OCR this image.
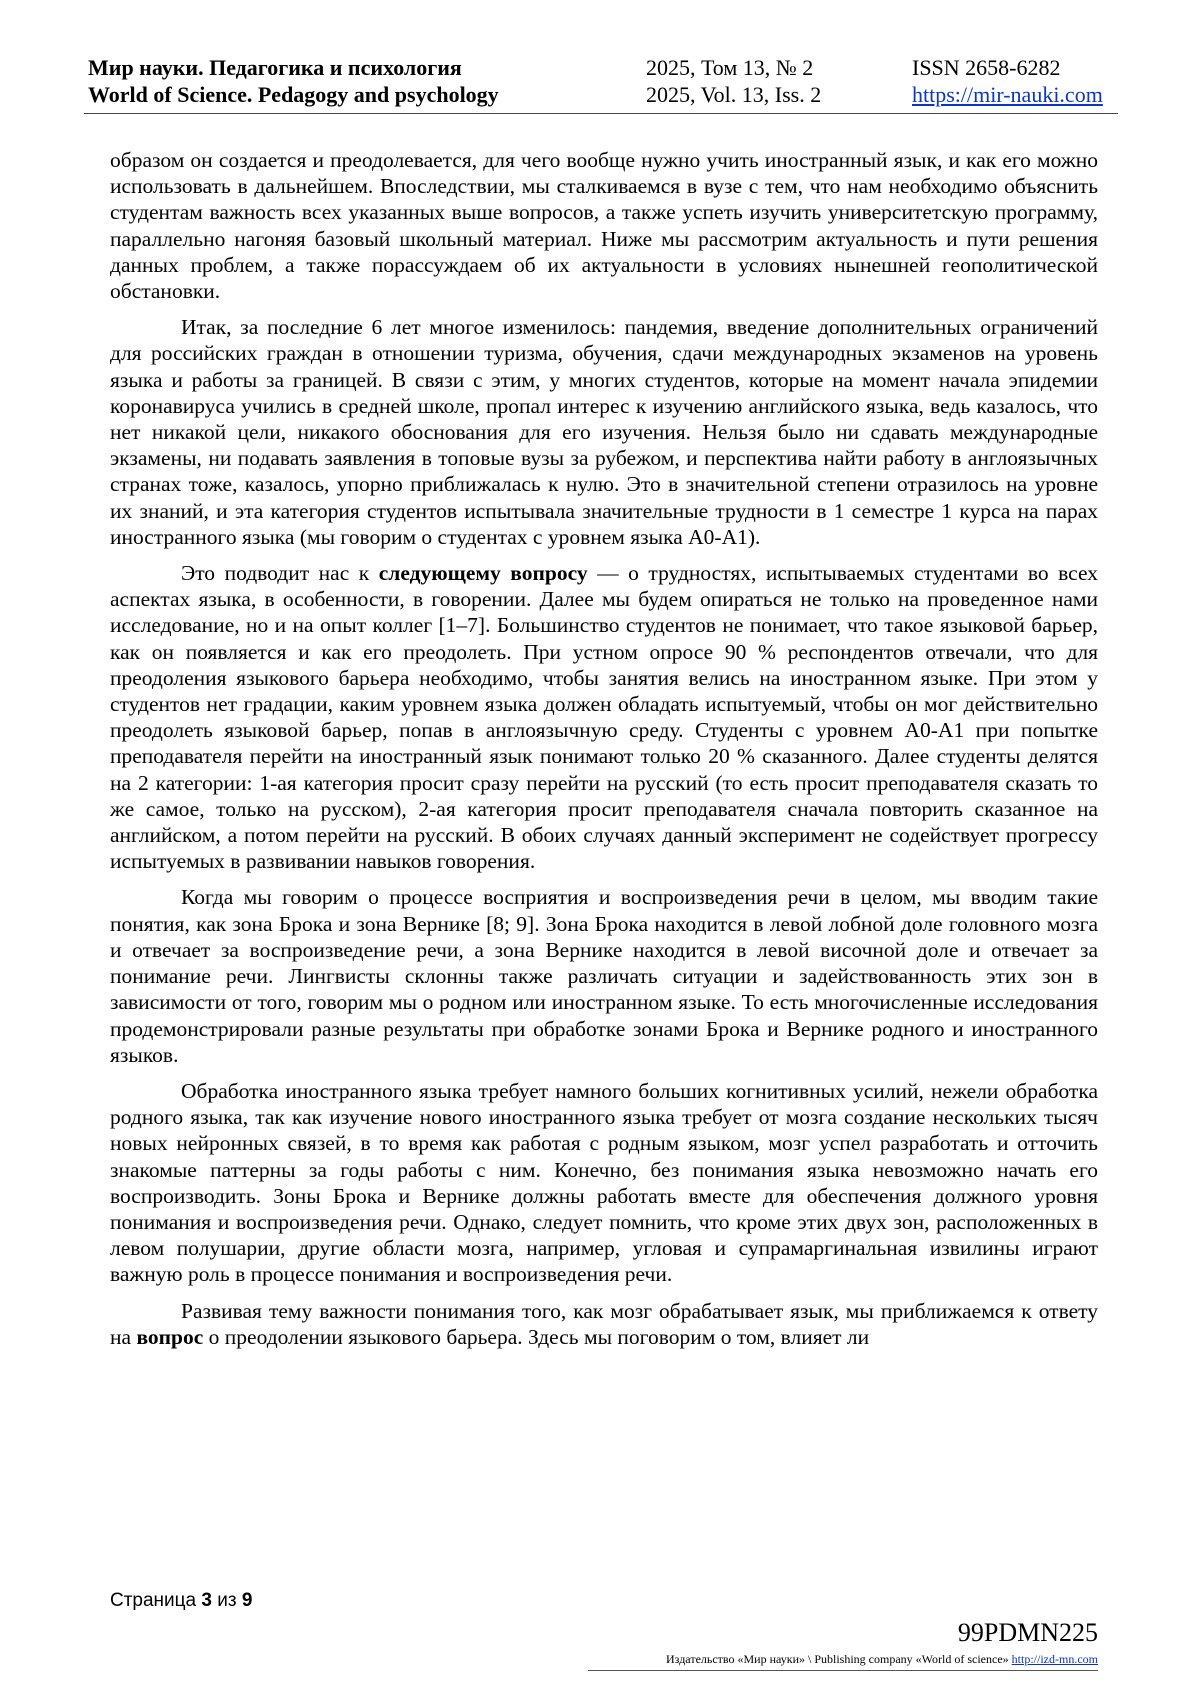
Мир науки. Педагогика и психология
World of Science. Pedagogy and psychology
2025, Том 13, № 2
2025, Vol. 13, Iss. 2
ISSN 2658-6282
https://mir-nauki.com

образом он создается и преодолевается, для чего вообще нужно учить иностранный язык, и как его можно использовать в дальнейшем. Впоследствии, мы сталкиваемся в вузе с тем, что нам необходимо объяснить студентам важность всех указанных выше вопросов, а также успеть изучить университетскую программу, параллельно нагоняя базовый школьный материал. Ниже мы рассмотрим актуальность и пути решения данных проблем, а также порассуждаем об их актуальности в условиях нынешней геополитической обстановки.

Итак, за последние 6 лет многое изменилось: пандемия, введение дополнительных ограничений для российских граждан в отношении туризма, обучения, сдачи международных экзаменов на уровень языка и работы за границей. В связи с этим, у многих студентов, которые на момент начала эпидемии коронавируса учились в средней школе, пропал интерес к изучению английского языка, ведь казалось, что нет никакой цели, никакого обоснования для его изучения. Нельзя было ни сдавать международные экзамены, ни подавать заявления в топовые вузы за рубежом, и перспектива найти работу в англоязычных странах тоже, казалось, упорно приближалась к нулю. Это в значительной степени отразилось на уровне их знаний, и эта категория студентов испытывала значительные трудности в 1 семестре 1 курса на парах иностранного языка (мы говорим о студентах с уровнем языка А0-А1).

Это подводит нас к следующему вопросу — о трудностях, испытываемых студентами во всех аспектах языка, в особенности, в говорении. Далее мы будем опираться не только на проведенное нами исследование, но и на опыт коллег [1–7]. Большинство студентов не понимает, что такое языковой барьер, как он появляется и как его преодолеть. При устном опросе 90 % респондентов отвечали, что для преодоления языкового барьера необходимо, чтобы занятия велись на иностранном языке. При этом у студентов нет градации, каким уровнем языка должен обладать испытуемый, чтобы он мог действительно преодолеть языковой барьер, попав в англоязычную среду. Студенты с уровнем А0-А1 при попытке преподавателя перейти на иностранный язык понимают только 20 % сказанного. Далее студенты делятся на 2 категории: 1-ая категория просит сразу перейти на русский (то есть просит преподавателя сказать то же самое, только на русском), 2-ая категория просит преподавателя сначала повторить сказанное на английском, а потом перейти на русский. В обоих случаях данный эксперимент не содействует прогрессу испытуемых в развивании навыков говорения.

Когда мы говорим о процессе восприятия и воспроизведения речи в целом, мы вводим такие понятия, как зона Брока и зона Вернике [8; 9]. Зона Брока находится в левой лобной доле головного мозга и отвечает за воспроизведение речи, а зона Вернике находится в левой височной доле и отвечает за понимание речи. Лингвисты склонны также различать ситуации и задействованность этих зон в зависимости от того, говорим мы о родном или иностранном языке. То есть многочисленные исследования продемонстрировали разные результаты при обработке зонами Брока и Вернике родного и иностранного языков.

Обработка иностранного языка требует намного больших когнитивных усилий, нежели обработка родного языка, так как изучение нового иностранного языка требует от мозга создание нескольких тысяч новых нейронных связей, в то время как работая с родным языком, мозг успел разработать и отточить знакомые паттерны за годы работы с ним. Конечно, без понимания языка невозможно начать его воспроизводить. Зоны Брока и Вернике должны работать вместе для обеспечения должного уровня понимания и воспроизведения речи. Однако, следует помнить, что кроме этих двух зон, расположенных в левом полушарии, другие области мозга, например, угловая и супрамаргинальная извилины играют важную роль в процессе понимания и воспроизведения речи.

Развивая тему важности понимания того, как мозг обрабатывает язык, мы приближаемся к ответу на вопрос о преодолении языкового барьера. Здесь мы поговорим о том, влияет ли

Страница 3 из 9
99PDMN225
Издательство «Мир науки» \ Publishing company «World of science» http://izd-mn.com
